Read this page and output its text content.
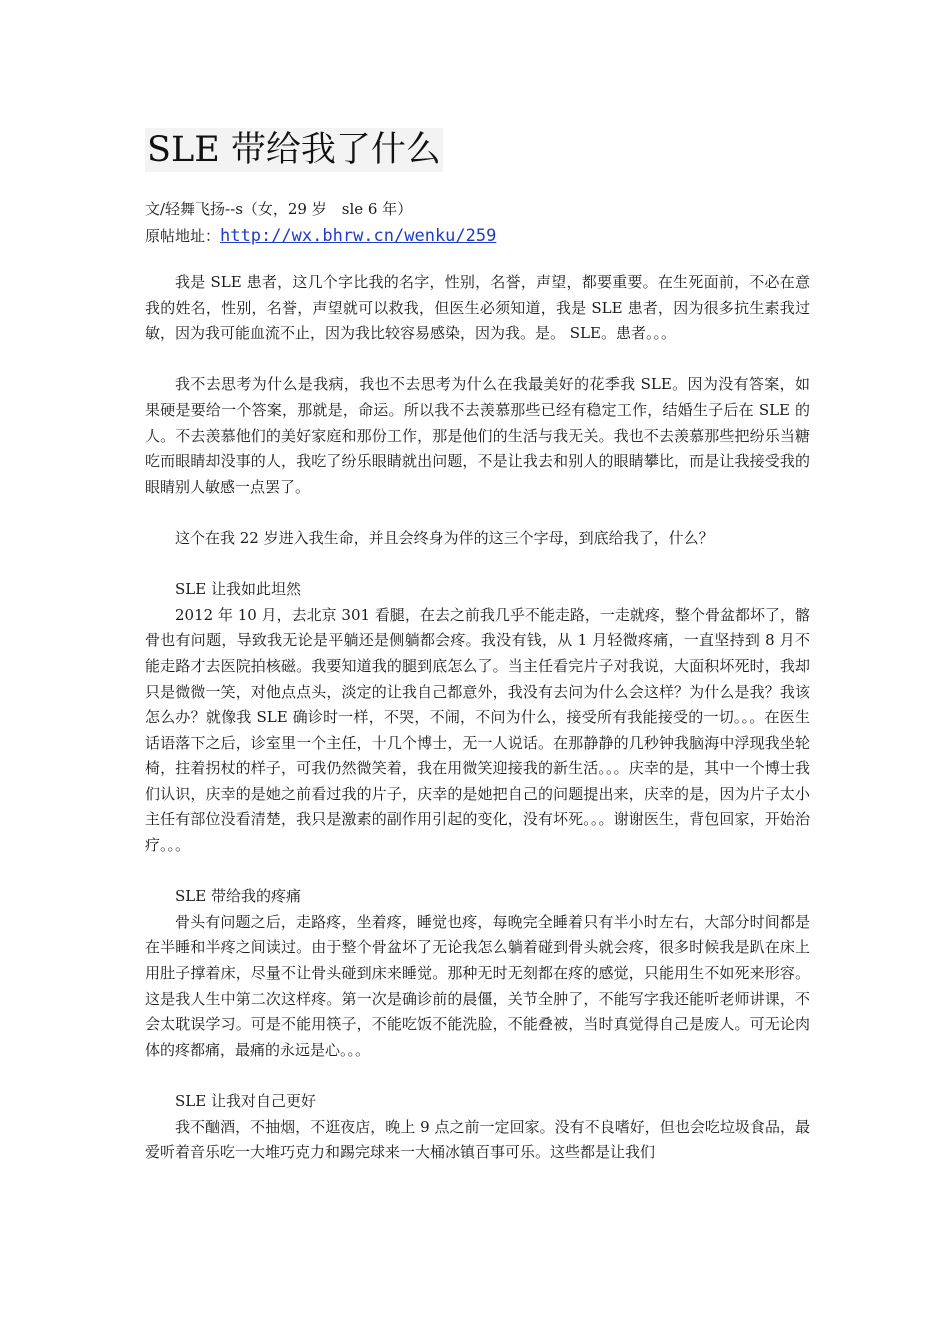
SLE 带给我了什么
文/轻舞飞扬--s（女，29 岁　sle 6 年）
原帖地址：http://wx.bhrw.cn/wenku/259

我是 SLE 患者，这几个字比我的名字，性别，名誉，声望，都要重要。在生死面前，不必在意我的姓名，性别，名誉，声望就可以救我，但医生必须知道，我是 SLE 患者，因为很多抗生素我过敏，因为我可能血流不止，因为我比较容易感染，因为我。是。 SLE。患者。。。

我不去思考为什么是我病，我也不去思考为什么在我最美好的花季我 SLE。因为没有答案，如果硬是要给一个答案，那就是，命运。所以我不去羡慕那些已经有稳定工作，结婚生子后在 SLE 的人。不去羡慕他们的美好家庭和那份工作，那是他们的生活与我无关。我也不去羡慕那些把纷乐当糖吃而眼睛却没事的人，我吃了纷乐眼睛就出问题，不是让我去和别人的眼睛攀比，而是让我接受我的眼睛别人敏感一点罢了。

这个在我 22 岁进入我生命，并且会终身为伴的这三个字母，到底给我了，什么？

SLE 让我如此坦然

2012 年 10 月，去北京 301 看腿，在去之前我几乎不能走路，一走就疼，整个骨盆都坏了，髂骨也有问题，导致我无论是平躺还是侧躺都会疼。我没有钱，从 1 月轻微疼痛，一直坚持到 8 月不能走路才去医院拍核磁。我要知道我的腿到底怎么了。当主任看完片子对我说，大面积坏死时，我却只是微微一笑，对他点点头，淡定的让我自己都意外，我没有去问为什么会这样？为什么是我？我该怎么办？就像我 SLE 确诊时一样，不哭，不闹，不问为什么，接受所有我能接受的一切。。。在医生话语落下之后，诊室里一个主任，十几个博士，无一人说话。在那静静的几秒钟我脑海中浮现我坐轮椅，拄着拐杖的样子，可我仍然微笑着，我在用微笑迎接我的新生活。。。庆幸的是，其中一个博士我们认识，庆幸的是她之前看过我的片子，庆幸的是她把自己的问题提出来，庆幸的是，因为片子太小主任有部位没看清楚，我只是激素的副作用引起的变化，没有坏死。。。谢谢医生，背包回家，开始治疗。。。

SLE 带给我的疼痛

骨头有问题之后，走路疼，坐着疼，睡觉也疼，每晚完全睡着只有半小时左右，大部分时间都是在半睡和半疼之间读过。由于整个骨盆坏了无论我怎么躺着碰到骨头就会疼，很多时候我是趴在床上用肚子撑着床，尽量不让骨头碰到床来睡觉。那种无时无刻都在疼的感觉，只能用生不如死来形容。这是我人生中第二次这样疼。第一次是确诊前的晨僵，关节全肿了，不能写字我还能听老师讲课，不会太耽误学习。可是不能用筷子，不能吃饭不能洗脸，不能叠被，当时真觉得自己是废人。可无论肉体的疼都痛，最痛的永远是心。。。

SLE 让我对自己更好

我不酗酒，不抽烟，不逛夜店，晚上 9 点之前一定回家。没有不良嗜好，但也会吃垃圾食品，最爱听着音乐吃一大堆巧克力和踢完球来一大桶冰镇百事可乐。这些都是让我们
